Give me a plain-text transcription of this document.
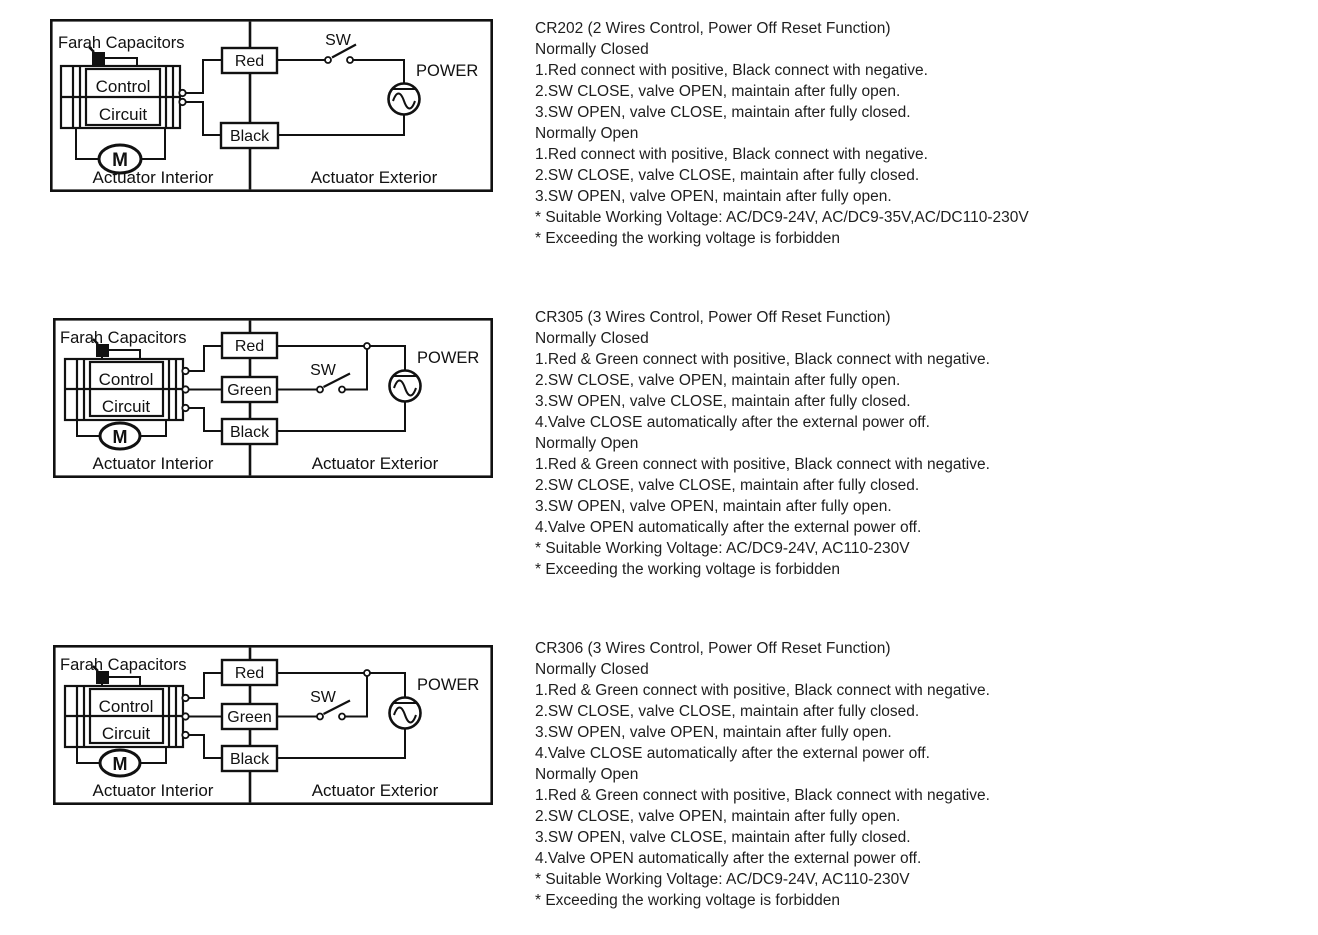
Control
Circuit
M
Red
Black
SW
POWER
Farah Capacitors
Actuator Interior	Actuator Exterior
CR202 (2 Wires Control, Power Off Reset Function)
Normally Closed
1.Red connect with positive, Black connect with negative.
2.SW CLOSE, valve OPEN, maintain after fully open.
3.SW OPEN, valve CLOSE, maintain after fully closed.
Normally Open
1.Red connect with positive, Black connect with negative.
2.SW CLOSE, valve CLOSE, maintain after fully closed.
3.SW OPEN, valve OPEN, maintain after fully open.
* Suitable Working Voltage: AC/DC9-24V, AC/DC9-35V,AC/DC110-230V
* Exceeding the working voltage is forbidden
Control
Circuit
M
Red
Green
Black
SW
POWER
Farah Capacitors
Actuator Interior	Actuator Exterior
CR305 (3 Wires Control, Power Off Reset Function)
Normally Closed
1.Red & Green connect with positive, Black connect with negative.
2.SW CLOSE, valve OPEN, maintain after fully open.
3.SW OPEN, valve CLOSE, maintain after fully closed.
4.Valve CLOSE automatically after the external power off.
Normally Open
1.Red & Green connect with positive, Black connect with negative.
2.SW CLOSE, valve CLOSE, maintain after fully closed.
3.SW OPEN, valve OPEN, maintain after fully open.
4.Valve OPEN automatically after the external power off.
* Suitable Working Voltage: AC/DC9-24V, AC110-230V
* Exceeding the working voltage is forbidden
Control
Circuit
M
Red
Green
Black
SW
POWER
Farah Capacitors
Actuator Interior	Actuator Exterior
CR306 (3 Wires Control, Power Off Reset Function)
Normally Closed
1.Red & Green connect with positive, Black connect with negative.
2.SW CLOSE, valve CLOSE, maintain after fully closed.
3.SW OPEN, valve OPEN, maintain after fully open.
4.Valve CLOSE automatically after the external power off.
Normally Open
1.Red & Green connect with positive, Black connect with negative.
2.SW CLOSE, valve OPEN, maintain after fully open.
3.SW OPEN, valve CLOSE, maintain after fully closed.
4.Valve OPEN automatically after the external power off.
* Suitable Working Voltage: AC/DC9-24V, AC110-230V
* Exceeding the working voltage is forbidden
